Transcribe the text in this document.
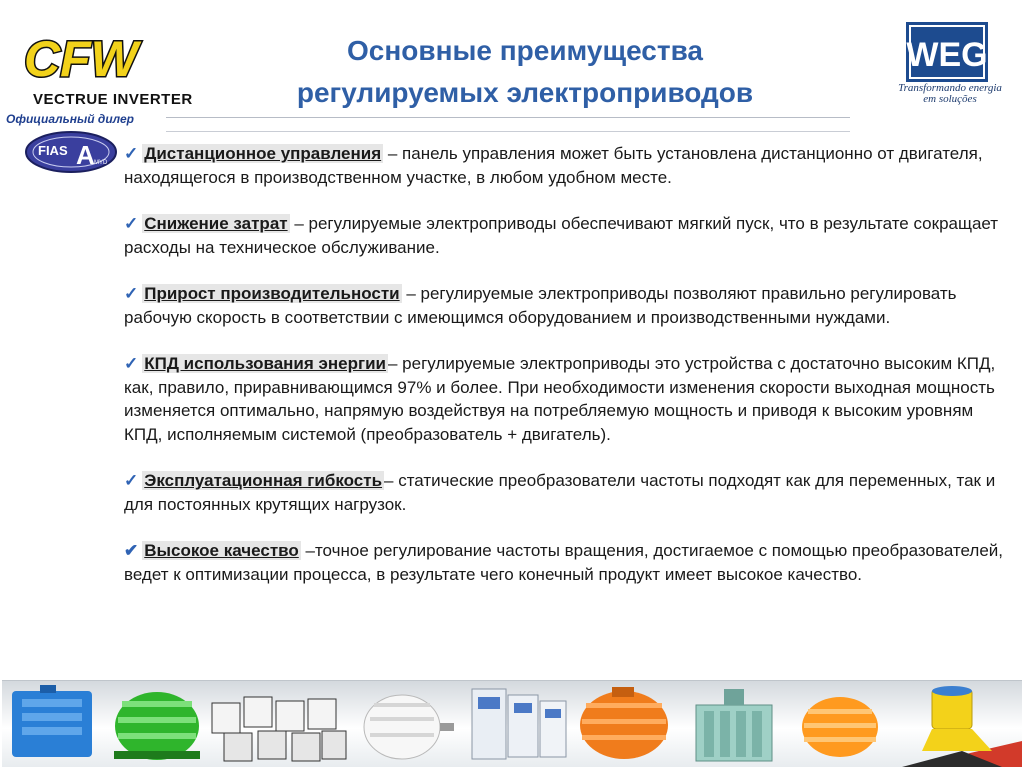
CFW
VECTRUE INVERTER
Официальный дилер
Основные преимущества
регулируемых электроприводов
WEG
Transformando energia
em soluções
FIAS A MYD ✓ Дистанционное управления – панель управления может быть установлена дистанционно от двигателя, находящегося в производственном участке, в любом удобном месте.
✓ Снижение затрат – регулируемые электроприводы обеспечивают мягкий пуск, что в результате сокращает расходы на техническое обслуживание.
✓ Прирост производительности – регулируемые электроприводы позволяют правильно регулировать рабочую скорость в соответствии с имеющимся оборудованием и производственными нуждами.
✓ КПД использования энергии – регулируемые электроприводы это устройства с достаточно высоким КПД, как, правило, приравнивающимся 97% и более. При необходимости изменения скорости выходная мощность изменяется оптимально, напрямую воздействуя на потребляемую мощность и приводя к высоким уровням КПД, исполняемым системой (преобразователь + двигатель).
✓ Эксплуатационная гибкость – статические преобразователи частоты подходят как для переменных, так и для постоянных крутящих нагрузок.
✔ Высокое качество –точное регулирование частоты вращения, достигаемое с помощью преобразователей, ведет к оптимизации процесса, в результате чего конечный продукт имеет высокое качество.
